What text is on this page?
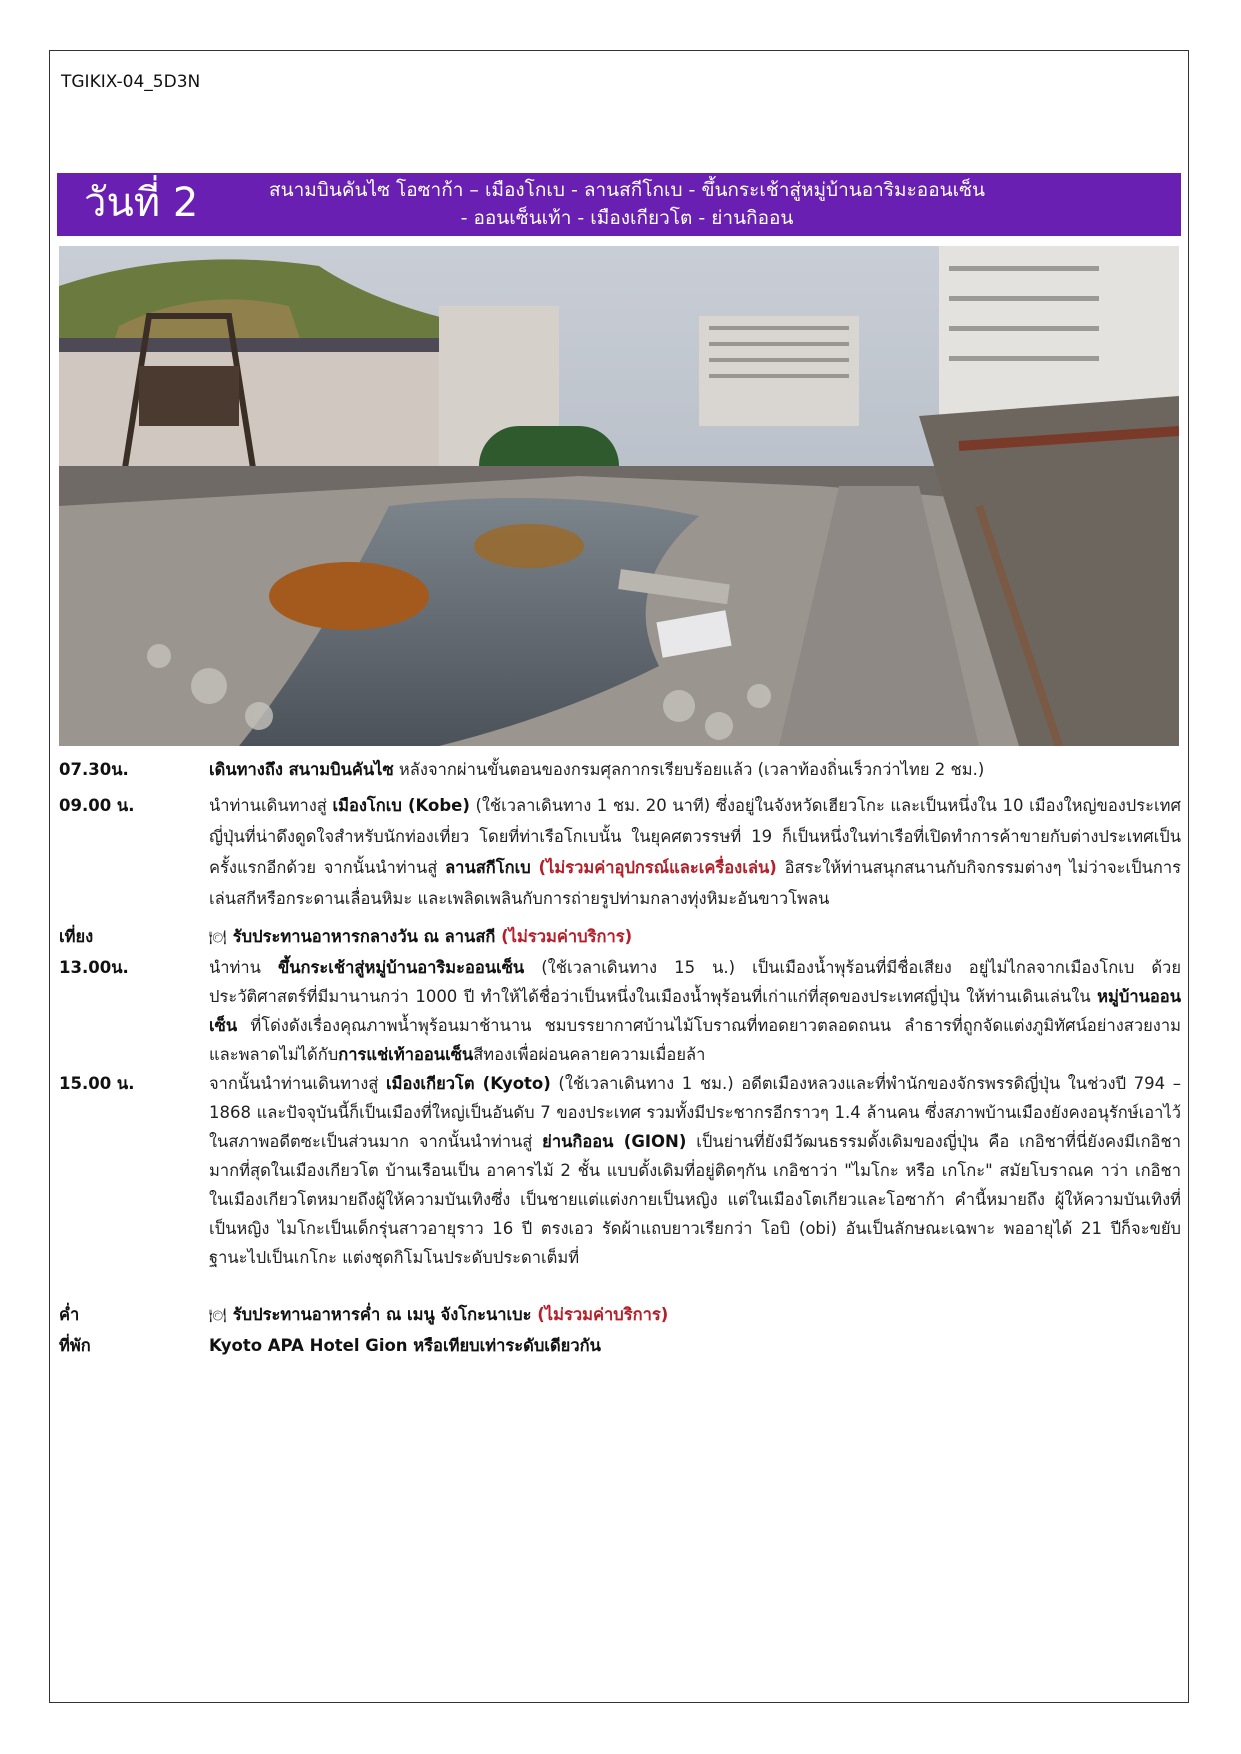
TGIKIX-04_5D3N
วันที่ 2	สนามบินคันไซ โอซาก้า – เมืองโกเบ - ลานสกีโกเบ - ขึ้นกระเช้าสู่หมู่บ้านอาริมะออนเซ็น
- ออนเซ็นเท้า - เมืองเกียวโต - ย่านกิออน
07.30น.	เดินทางถึง สนามบินคันไซ หลังจากผ่านขั้นตอนของกรมศุลกากรเรียบร้อยแล้ว (เวลาท้องถิ่นเร็วกว่าไทย 2 ชม.)
09.00 น.	นำท่านเดินทางสู่ เมืองโกเบ (Kobe) (ใช้เวลาเดินทาง 1 ชม. 20 นาที) ซึ่งอยู่ในจังหวัดเฮียวโกะ และเป็นหนึ่งใน 10 เมืองใหญ่ของประเทศญี่ปุ่นที่น่าดึงดูดใจสำหรับนักท่องเที่ยว โดยที่ท่าเรือโกเบนั้น ในยุคศตวรรษที่ 19 ก็เป็นหนึ่งในท่าเรือที่เปิดทำการค้าขายกับต่างประเทศเป็นครั้งแรกอีกด้วย จากนั้นนำท่านสู่ ลานสกีโกเบ (ไม่รวมค่าอุปกรณ์และเครื่องเล่น) อิสระให้ท่านสนุกสนานกับกิจกรรมต่างๆ ไม่ว่าจะเป็นการเล่นสกีหรือกระดานเลื่อนหิมะ และเพลิดเพลินกับการถ่ายรูปท่ามกลางทุ่งหิมะอันขาวโพลน
เที่ยง	🍽 รับประทานอาหารกลางวัน ณ ลานสกี (ไม่รวมค่าบริการ)
13.00น.	นำท่าน ขึ้นกระเช้าสู่หมู่บ้านอาริมะออนเซ็น (ใช้เวลาเดินทาง 15 น.) เป็นเมืองน้ำพุร้อนที่มีชื่อเสียง อยู่ไม่ไกลจากเมืองโกเบ ด้วยประวัติศาสตร์ที่มีมานานกว่า 1000 ปี ทำให้ได้ชื่อว่าเป็นหนึ่งในเมืองน้ำพุร้อนที่เก่าแก่ที่สุดของประเทศญี่ปุ่น ให้ท่านเดินเล่นใน หมู่บ้านออนเซ็น ที่โด่งดังเรื่องคุณภาพน้ำพุร้อนมาช้านาน ชมบรรยากาศบ้านไม้โบราณที่ทอดยาวตลอดถนน ลำธารที่ถูกจัดแต่งภูมิทัศน์อย่างสวยงาม และพลาดไม่ได้กับการแช่เท้าออนเซ็นสีทองเพื่อผ่อนคลายความเมื่อยล้า
15.00 น.	จากนั้นนำท่านเดินทางสู่ เมืองเกียวโต (Kyoto) (ใช้เวลาเดินทาง 1 ชม.) อดีตเมืองหลวงและที่พำนักของจักรพรรดิญี่ปุ่น ในช่วงปี 794 – 1868 และปัจจุบันนี้ก็เป็นเมืองที่ใหญ่เป็นอันดับ 7 ของประเทศ รวมทั้งมีประชากรอีกราวๆ 1.4 ล้านคน ซึ่งสภาพบ้านเมืองยังคงอนุรักษ์เอาไว้ในสภาพอดีตซะเป็นส่วนมาก จากนั้นนำท่านสู่ ย่านกิออน (GION) เป็นย่านที่ยังมีวัฒนธรรมดั้งเดิมของญี่ปุ่น คือ เกอิชาที่นี่ยังคงมีเกอิชามากที่สุดในเมืองเกียวโต บ้านเรือนเป็น อาคารไม้ 2 ชั้น แบบดั้งเดิมที่อยู่ติดๆกัน เกอิชาว่า "ไมโกะ หรือ เกโกะ" สมัยโบราณค าว่า เกอิชาในเมืองเกียวโตหมายถึงผู้ให้ความบันเทิงซึ่ง เป็นชายแต่แต่งกายเป็นหญิง แต่ในเมืองโตเกียวและโอซาก้า คำนี้หมายถึง ผู้ให้ความบันเทิงที่เป็นหญิง ไมโกะเป็นเด็กรุ่นสาวอายุราว 16 ปี ตรงเอว รัดผ้าแถบยาวเรียกว่า โอบิ (obi) อันเป็นลักษณะเฉพาะ พออายุได้ 21 ปีก็จะขยับฐานะไปเป็นเกโกะ แต่งชุดกิโมโนประดับประดาเต็มที่
ค่ำ	🍽 รับประทานอาหารค่ำ ณ เมนู จังโกะนาเบะ (ไม่รวมค่าบริการ)
ที่พัก	Kyoto APA Hotel Gion หรือเทียบเท่าระดับเดียวกัน
